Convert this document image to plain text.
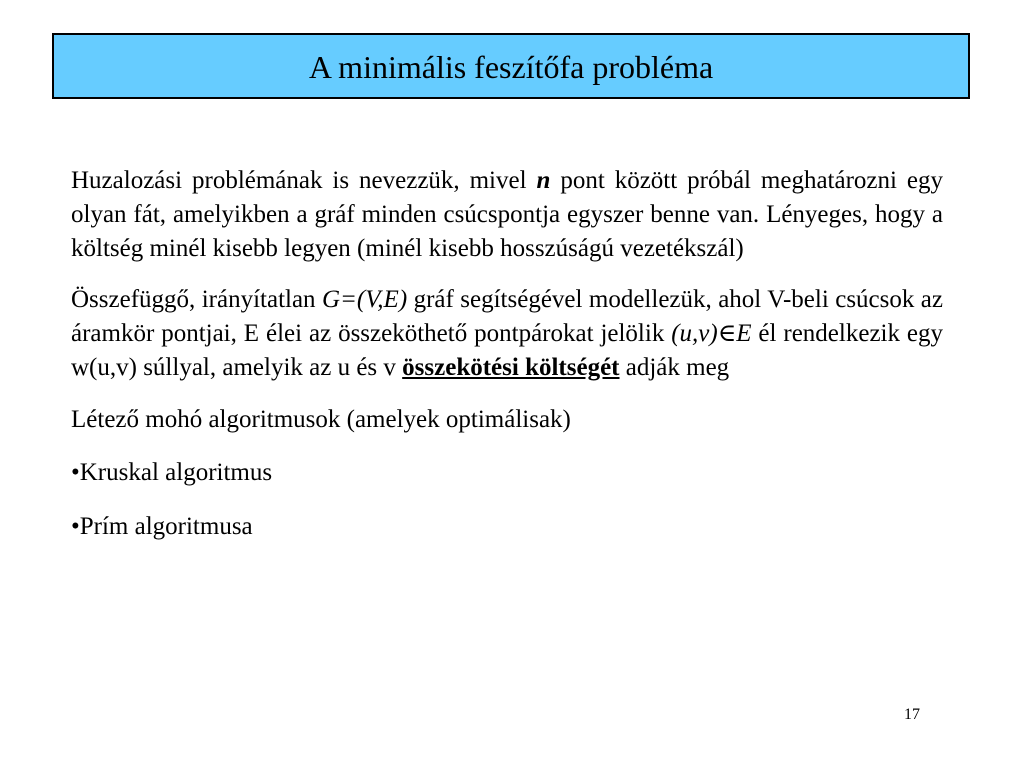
A minimális feszítőfa probléma

Huzalozási problémának is nevezzük, mivel n pont között próbál meghatározni egy olyan fát, amelyikben a gráf minden csúcspontja egyszer benne van. Lényeges, hogy a költség minél kisebb legyen (minél kisebb hosszúságú vezetékszál)

Összefüggő, irányítatlan G=(V,E) gráf segítségével modellezük, ahol V-beli csúcsok az áramkör pontjai, E élei az összeköthető pontpárokat jelölik (u,v)∈E él rendelkezik egy w(u,v) súllyal, amelyik az u és v összekötési költségét adják meg

Létező mohó algoritmusok (amelyek optimálisak)

•Kruskal algoritmus

•Prím algoritmusa

17
